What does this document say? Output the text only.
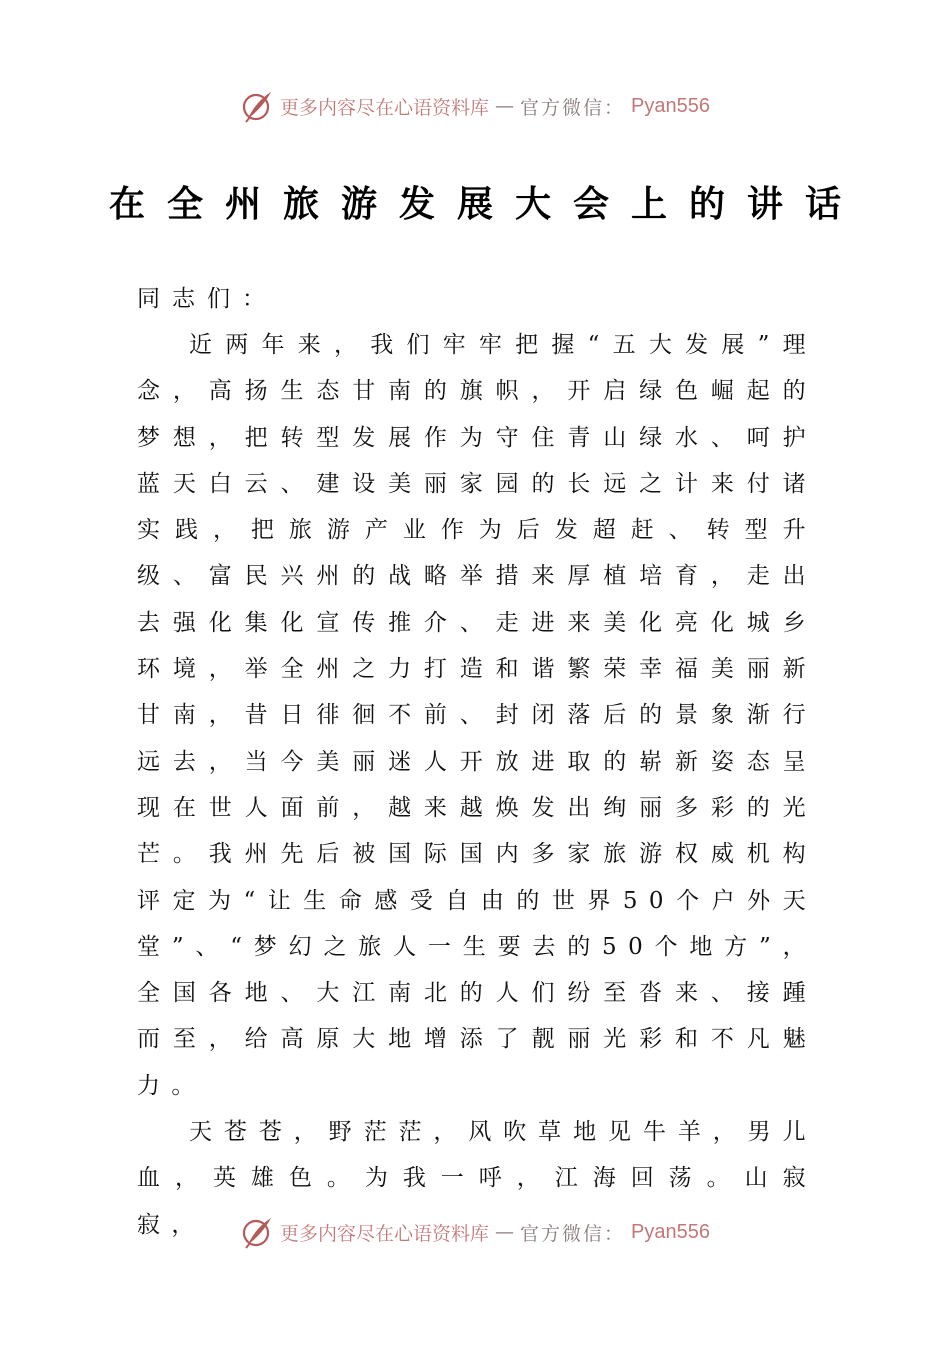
更多内容尽在心语资料库 — 官方微信： Pyan556
在全州旅游发展大会上的讲话

同志们：

近两年来，我们牢牢把握“五大发展”理念，高扬生态甘南的旗帜，开启绿色崛起的梦想，把转型发展作为守住青山绿水、呵护蓝天白云、建设美丽家园的长远之计来付诸实践，把旅游产业作为后发超赶、转型升级、富民兴州的战略举措来厚植培育，走出去强化集化宣传推介、走进来美化亮化城乡环境，举全州之力打造和谐繁荣幸福美丽新甘南，昔日徘徊不前、封闭落后的景象渐行远去，当今美丽迷人开放进取的崭新姿态呈现在世人面前，越来越焕发出绚丽多彩的光芒。我州先后被国际国内多家旅游权威机构评定为“让生命感受自由的世界50个户外天堂”、“梦幻之旅人一生要去的50个地方”，全国各地、大江南北的人们纷至沓来、接踵而至，给高原大地增添了靓丽光彩和不凡魅力。

天苍苍，野茫茫，风吹草地见牛羊，男儿血，英雄色。为我一呼，江海回荡。山寂寂，	更多内容尽在心语资料库 — 官方微信： Pyan556
